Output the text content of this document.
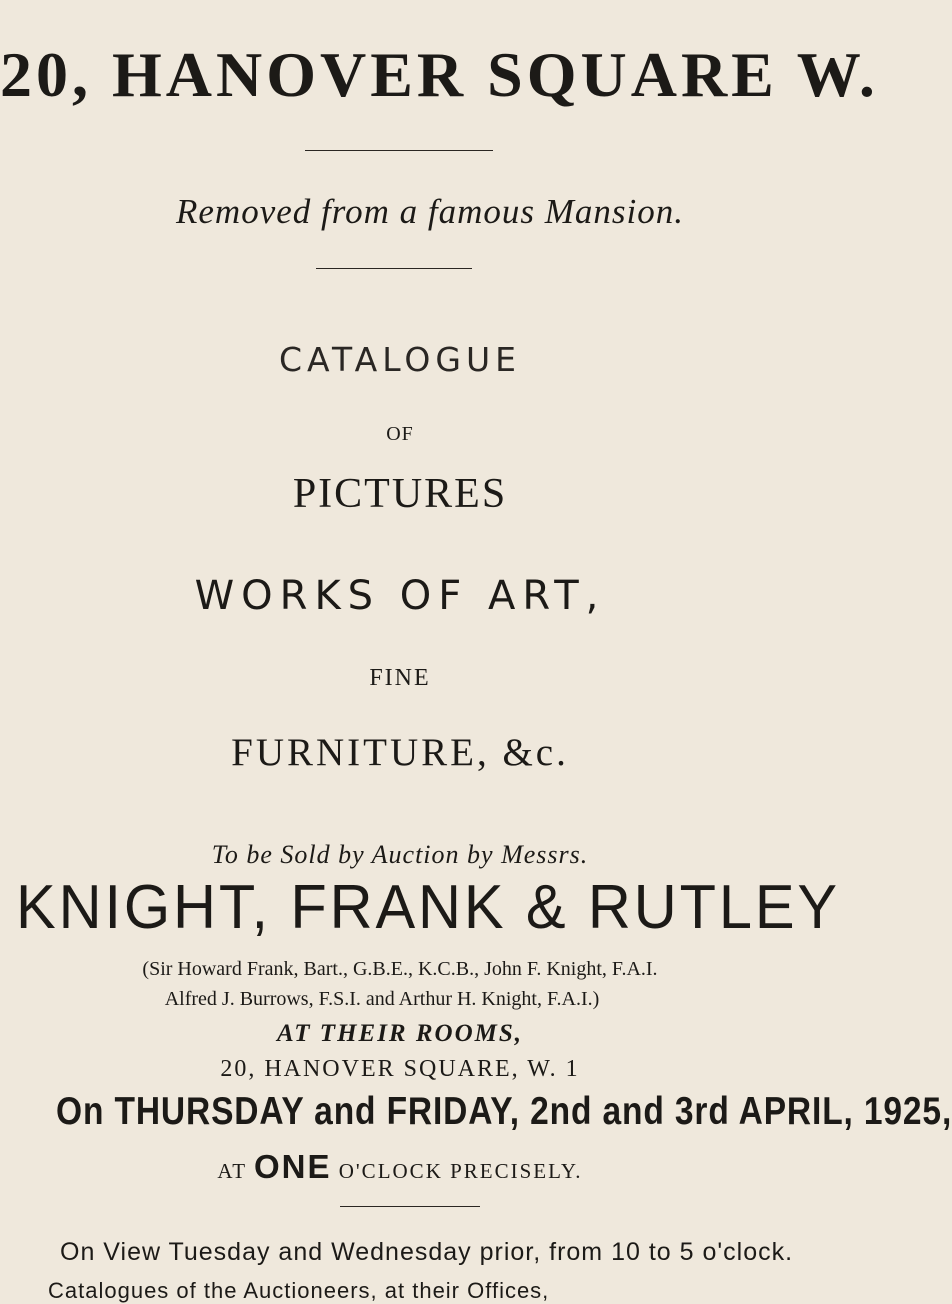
20, HANOVER SQUARE W.
Removed from a famous Mansion.
CATALOGUE
OF
PICTURES
WORKS OF ART,
FINE
FURNITURE, &c.
To be Sold by Auction by Messrs.
KNIGHT, FRANK & RUTLEY
(Sir Howard Frank, Bart., G.B.E., K.C.B., John F. Knight, F.A.I.
Alfred J. Burrows, F.S.I. and Arthur H. Knight, F.A.I.)
AT THEIR ROOMS,
20, HANOVER SQUARE, W. 1
On THURSDAY and FRIDAY, 2nd and 3rd APRIL, 1925,
AT ONE O'CLOCK PRECISELY.
On View Tuesday and Wednesday prior, from 10 to 5 o'clock.
Catalogues of the Auctioneers, at their Offices,
